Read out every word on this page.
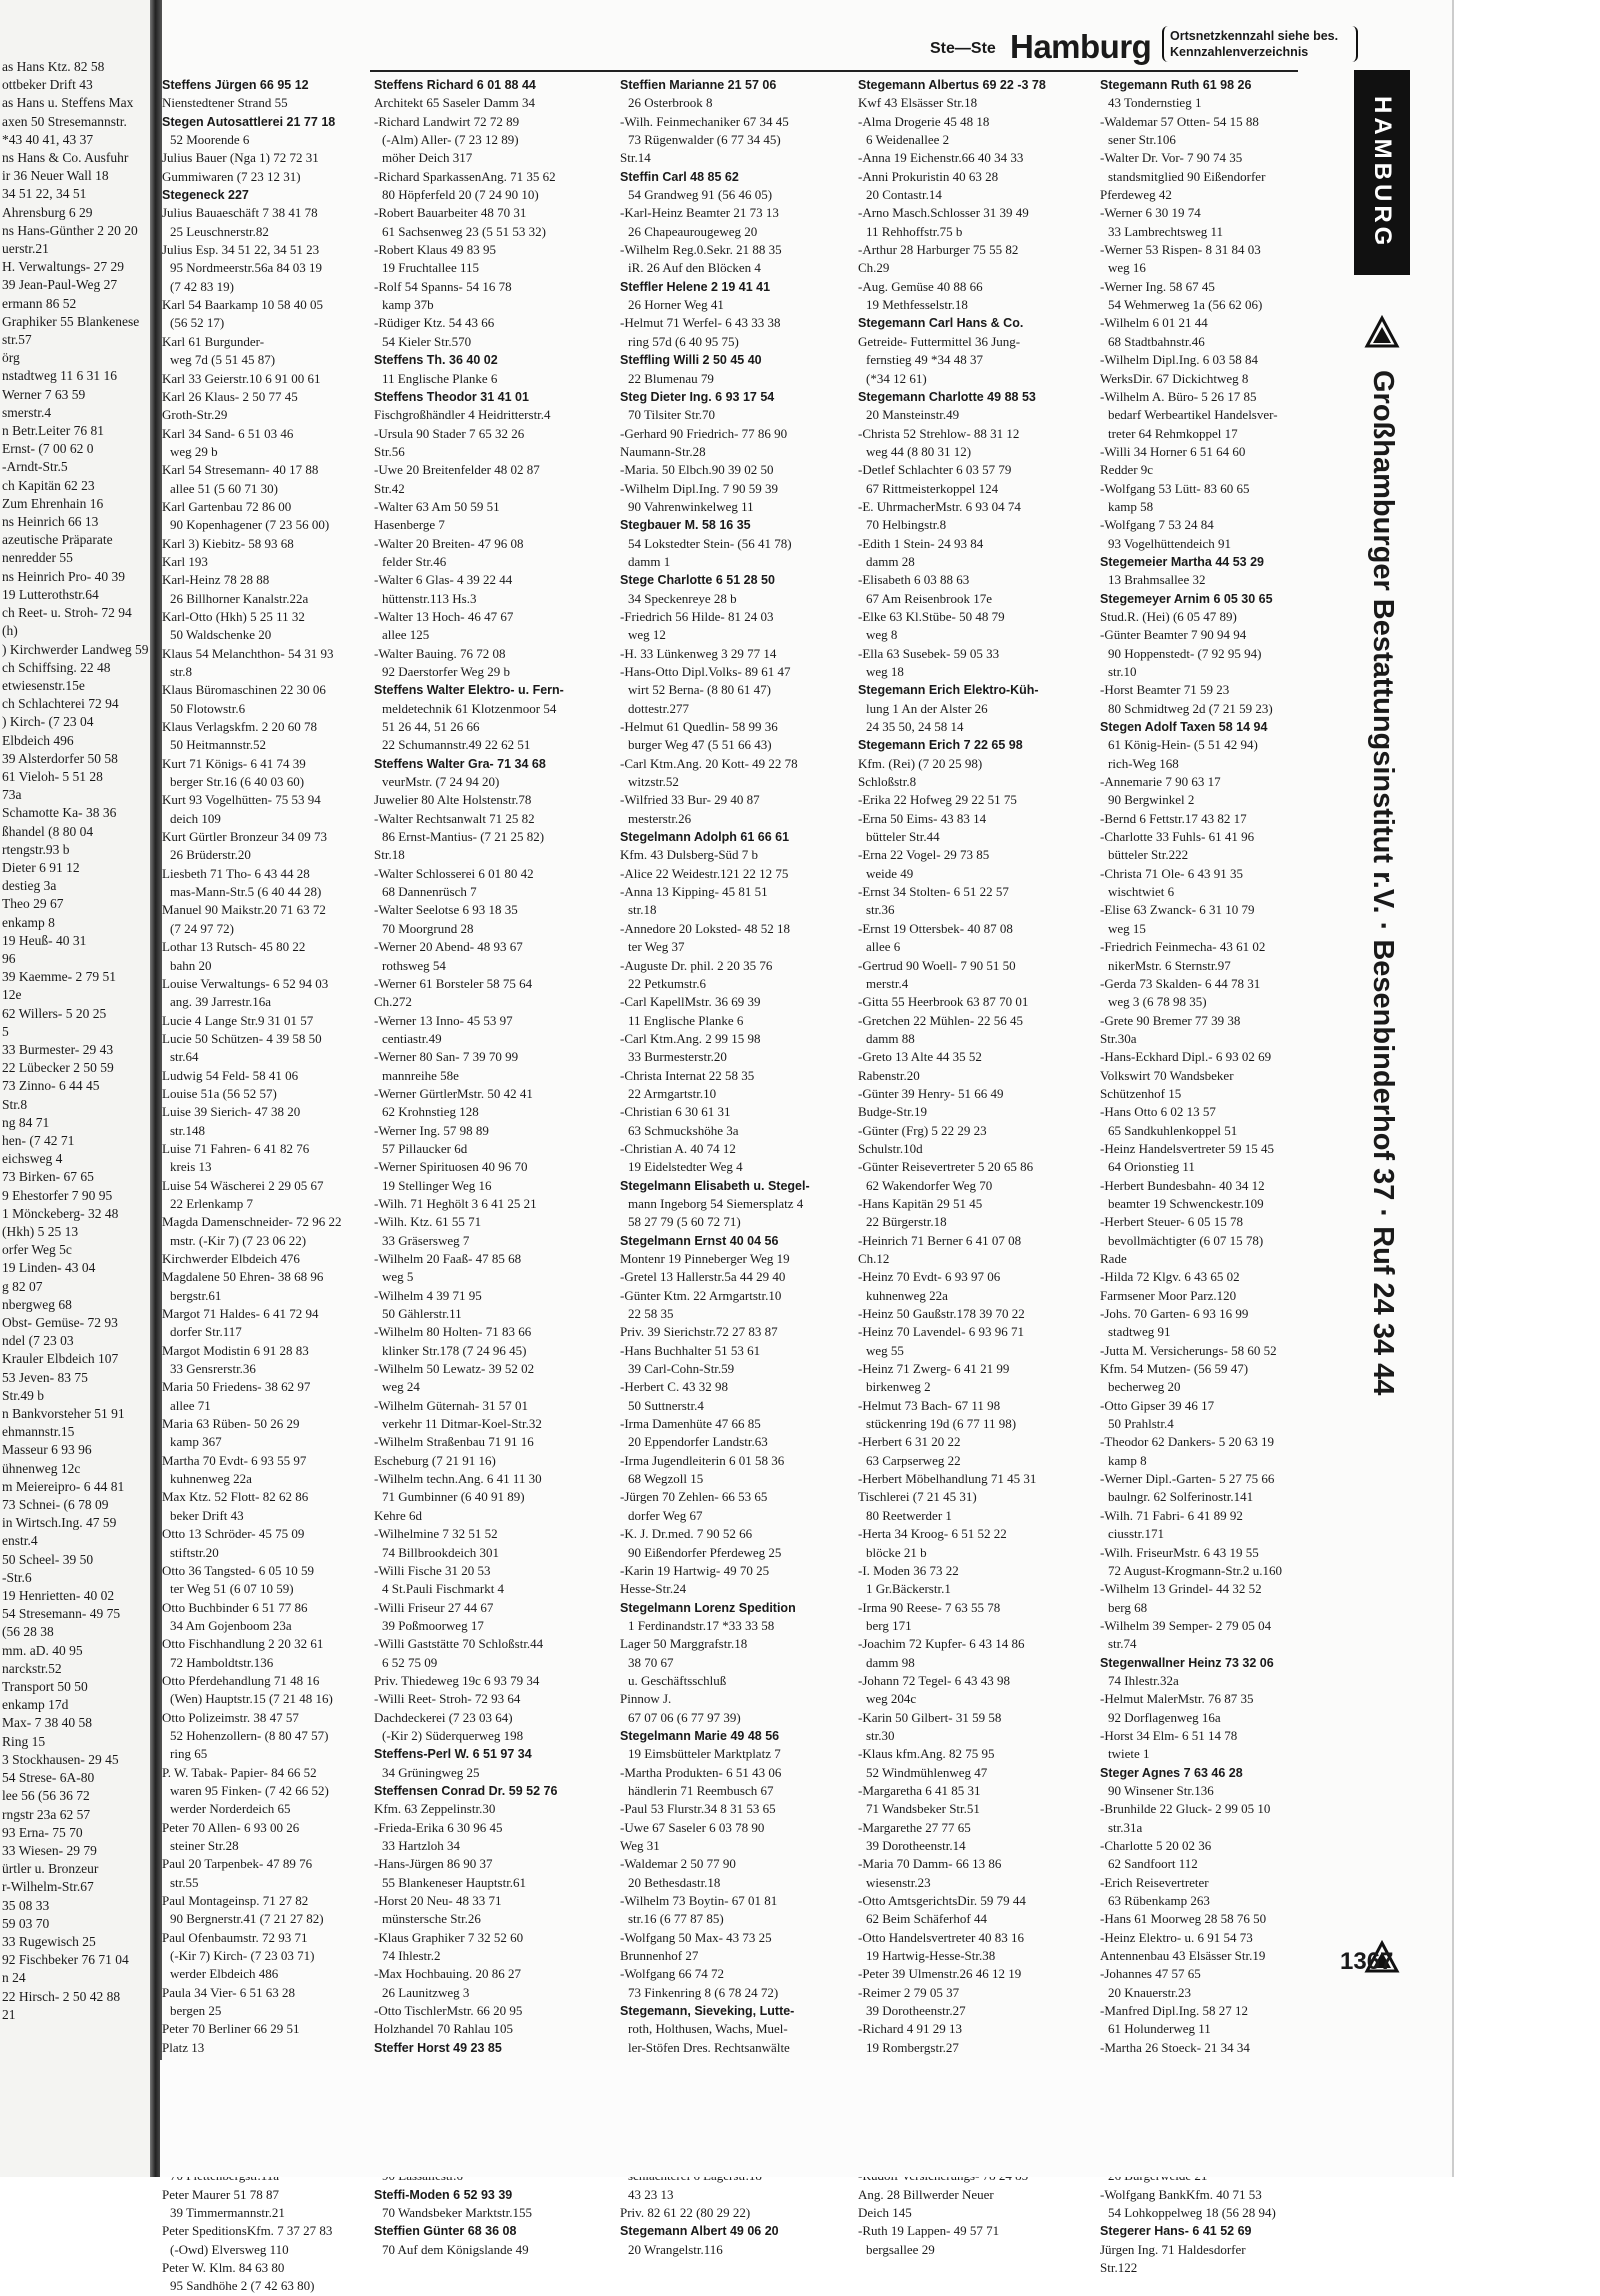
as Hans Ktz. 82 58
ottbeker Drift 43
as Hans u. Steffens Max
axen 50 Stresemannstr.
*43 40 41, 43 37
ns Hans & Co. Ausfuhr
ir 36 Neuer Wall 18
34 51 22, 34 51
Ahrensburg 6 29
ns Hans-Günther 2 20 20
uerstr.21
H. Verwaltungs- 27 29
39 Jean-Paul-Weg 27
ermann 86 52
Graphiker 55 Blankenese
str.57
örg
nstadtweg 11 6 31 16
Werner 7 63 59
smerstr.4
n Betr.Leiter 76 81
Ernst- (7 00 62 0
-Arndt-Str.5
ch Kapitän 62 23
Zum Ehrenhain 16
ns Heinrich 66 13
azeutische Präparate
nenredder 55
ns Heinrich Pro- 40 39
19 Lutterothstr.64
ch Reet- u. Stroh- 72 94
(h)
) Kirchwerder Landweg 59
ch Schiffsing. 22 48
etwiesenstr.15e
ch Schlachterei 72 94
) Kirch- (7 23 04
Elbdeich 496
39 Alsterdorfer 50 58
61 Vieloh- 5 51 28
73a
Schamotte Ka- 38 36
ßhandel (8 80 04
rtengstr.93 b
Dieter 6 91 12
destieg 3a
Theo 29 67
enkamp 8
19 Heuß- 40 31
96
39 Kaemme- 2 79 51
12e
62 Willers- 5 20 25
5
33 Burmester- 29 43
22 Lübecker 2 50 59
73 Zinno- 6 44 45
Str.8
ng 84 71
hen- (7 42 71
eichsweg 4
73 Birken- 67 65
9 Ehestorfer 7 90 95
1 Mönckeberg- 32 48
(Hkh) 5 25 13
orfer Weg 5c
19 Linden- 43 04
g 82 07
nbergweg 68
Obst- Gemüse- 72 93
ndel (7 23 03
Krauler Elbdeich 107
53 Jeven- 83 75
Str.49 b
n Bankvorsteher 51 91
ehmannstr.15
Masseur 6 93 96
ühnenweg 12c
m Meiereipro- 6 44 81
73 Schnei- (6 78 09
in Wirtsch.Ing. 47 59
enstr.4
50 Scheel- 39 50
-Str.6
19 Henrietten- 40 02
54 Stresemann- 49 75
(56 28 38
mm. aD. 40 95
narckstr.52
Transport 50 50
enkamp 17d
Max- 7 38 40 58
Ring 15
3 Stockhausen- 29 45
54 Strese- 6A-80
lee 56 (56 36 72
rngstr 23a 62 57
93 Erna- 75 70
33 Wiesen- 29 79
ürtler u. Bronzeur
r-Wilhelm-Str.67
35 08 33
59 03 70
33 Rugewisch 25
92 Fischbeker 76 71 04
n 24
22 Hirsch- 2 50 42 88
21
Ste—Ste Hamburg	Ortsnetzkennzahl siehe bes. Kennzahlenverzeichnis
Steffens Jürgen 66 95 12
Nienstedtener Strand 55
Stegen Autosattlerei 21 77 18
52 Moorende 6
Julius Bauer (Nga 1) 72 72 31
Gummiwaren (7 23 12 31)
Stegeneck 227
Julius Bauaeschäft 7 38 41 78
25 Leuschnerstr.82
Julius Esp. 34 51 22, 34 51 23
95 Nordmeerstr.56a 84 03 19
(7 42 83 19)
Karl 54 Baarkamp 10 58 40 05
(56 52 17)
Karl 61 Burgunder-
weg 7d (5 51 45 87)
Karl 33 Geierstr.10 6 91 00 61
Karl 26 Klaus- 2 50 77 45
Groth-Str.29
Karl 34 Sand- 6 51 03 46
weg 29 b
Karl 54 Stresemann- 40 17 88
allee 51 (5 60 71 30)
Karl Gartenbau 72 86 00
90 Kopenhagener (7 23 56 00)
Karl 3) Kiebitz- 58 93 68
Karl 193
Karl-Heinz 78 28 88
26 Billhorner Kanalstr.22a
Karl-Otto (Hkh) 5 25 11 32
50 Waldschenke 20
Klaus 54 Melanchthon- 54 31 93
str.8
Klaus Büromaschinen 22 30 06
50 Flotowstr.6
Klaus Verlagskfm. 2 20 60 78
50 Heitmannstr.52
Kurt 71 Königs- 6 41 74 39
berger Str.16 (6 40 03 60)
Kurt 93 Vogelhütten- 75 53 94
deich 109
Kurt Gürtler Bronzeur 34 09 73
26 Brüderstr.20
Liesbeth 71 Tho- 6 43 44 28
mas-Mann-Str.5 (6 40 44 28)
Manuel 90 Maikstr.20 71 63 72
(7 24 97 72)
Lothar 13 Rutsch- 45 80 22
bahn 20
Louise Verwaltungs- 6 52 94 03
ang. 39 Jarrestr.16a
Lucie 4 Lange Str.9 31 01 57
Lucie 50 Schützen- 4 39 58 50
str.64
Ludwig 54 Feld- 58 41 06
Louise 51a (56 52 57)
Luise 39 Sierich- 47 38 20
str.148
Luise 71 Fahren- 6 41 82 76
kreis 13
Luise 54 Wäscherei 2 29 05 67
22 Erlenkamp 7
Magda Damenschneider- 72 96 22
mstr. (-Kir 7) (7 23 06 22)
Kirchwerder Elbdeich 476
Magdalene 50 Ehren- 38 68 96
bergstr.61
Margot 71 Haldes- 6 41 72 94
dorfer Str.117
Margot Modistin 6 91 28 83
33 Gensrerstr.36
Maria 50 Friedens- 38 62 97
allee 71
Maria 63 Rüben- 50 26 29
kamp 367
Martha 70 Evdt- 6 93 55 97
kuhnenweg 22a
Max Ktz. 52 Flott- 82 62 86
beker Drift 43
Otto 13 Schröder- 45 75 09
stiftstr.20
Otto 36 Tangsted- 6 05 10 59
ter Weg 51 (6 07 10 59)
Otto Buchbinder 6 51 77 86
34 Am Gojenboom 23a
Otto Fischhandlung 2 20 32 61
72 Hamboldtstr.136
Otto Pferdehandlung 71 48 16
(Wen) Hauptstr.15 (7 21 48 16)
Otto Polizeimstr. 38 47 57
52 Hohenzollern- (8 80 47 57)
ring 65
P. W. Tabak- Papier- 84 66 52
waren 95 Finken- (7 42 66 52)
werder Norderdeich 65
Peter 70 Allen- 6 93 00 26
steiner Str.28
Paul 20 Tarpenbek- 47 89 76
str.55
Paul Montageinsp. 71 27 82
90 Bergnerstr.41 (7 21 27 82)
Paul Ofenbaumstr. 72 93 71
(-Kir 7) Kirch- (7 23 03 71)
werder Elbdeich 486
Paula 34 Vier- 6 51 63 28
bergen 25
Peter 70 Berliner 66 29 51
Platz 13
Peter Maurer 51 78 87
39 Timmermannstr.21
Peter SpeditionsKfm. 7 37 27 83
(-Owd) Elversweg 110
Peter W. Klm. 84 63 80
95 Sandhöhe 2 (7 42 63 80)
Steffens Richard 6 01 88 44
Architekt 65 Saseler Damm 34
-Richard Landwirt 72 72 89
(-Alm) Aller- (7 23 12 89)
möher Deich 317
-Richard SparkassenAng. 71 35 62
80 Höpferfeld 20 (7 24 90 10)
-Robert Bauarbeiter 48 70 31
61 Sachsenweg 23 (5 51 53 32)
-Robert Klaus 49 83 95
19 Fruchtallee 115
-Rolf 54 Spanns- 54 16 78
kamp 37b
-Rüdiger Ktz. 54 43 66
54 Kieler Str.570
Steffens Th. 36 40 02
11 Englische Planke 6
Steffens Theodor 31 41 01
Fischgroßhändler 4 Heidritterstr.4
-Ursula 90 Stader 7 65 32 26
Str.56
-Uwe 20 Breitenfelder 48 02 87
Str.42
-Walter 63 Am 50 59 51
Hasenberge 7
-Walter 20 Breiten- 47 96 08
felder Str.46
-Walter 6 Glas- 4 39 22 44
hüttenstr.113 Hs.3
-Walter 13 Hoch- 46 47 67
allee 125
-Walter Bauing. 76 72 08
92 Daerstorfer Weg 29 b
Steffens Walter Elektro- u. Fern-
meldetechnik 61 Klotzenmoor 54
51 26 44, 51 26 66
22 Schumannstr.49 22 62 51
Steffens Walter Gra- 71 34 68
veurMstr. (7 24 94 20)
Juwelier 80 Alte Holstenstr.78
-Walter Rechtsanwalt 71 25 82
86 Ernst-Mantius- (7 21 25 82)
Str.18
-Walter Schlosserei 6 01 80 42
68 Dannenrüsch 7
-Walter Seelotse 6 93 18 35
70 Moorgrund 28
-Werner 20 Abend- 48 93 67
rothsweg 54
-Werner 61 Borsteler 58 75 64
Ch.272
-Werner 13 Inno- 45 53 97
centiastr.49
-Werner 80 San- 7 39 70 99
mannreihe 58e
-Werner GürtlerMstr. 50 42 41
62 Krohnstieg 128
-Werner Ing. 57 98 89
57 Pillaucker 6d
-Werner Spirituosen 40 96 70
19 Stellinger Weg 16
-Wilh. 71 Heghölt 3 6 41 25 21
-Wilh. Ktz. 61 55 71
33 Gräsersweg 7
-Wilhelm 20 Faaß- 47 85 68
weg 5
-Wilhelm 4 39 71 95
50 Gählerstr.11
-Wilhelm 80 Holten- 71 83 66
klinker Str.178 (7 24 96 45)
-Wilhelm 50 Lewatz- 39 52 02
weg 24
-Wilhelm Güternah- 31 57 01
verkehr 11 Ditmar-Koel-Str.32
-Wilhelm Straßenbau 71 91 16
Escheburg (7 21 91 16)
-Wilhelm techn.Ang. 6 41 11 30
71 Gumbinner (6 40 91 89)
Kehre 6d
-Wilhelmine 7 32 51 52
74 Billbrookdeich 301
-Willi Fische 31 20 53
4 St.Pauli Fischmarkt 4
-Willi Friseur 27 44 67
39 Poßmoorweg 17
-Willi Gaststätte 70 Schloßstr.44
6 52 75 09
Priv. Thiedeweg 19c 6 93 79 34
-Willi Reet- Stroh- 72 93 64
Dachdeckerei (7 23 03 64)
(-Kir 2) Süderquerweg 198
Steffens-Perl W. 6 51 97 34
34 Grüningweg 25
Steffensen Conrad Dr. 59 52 76
Kfm. 63 Zeppelinstr.30
-Frieda-Erika 6 30 96 45
33 Hartzloh 34
-Hans-Jürgen 86 90 37
55 Blankeneser Hauptstr.61
-Horst 20 Neu- 48 33 71
münstersche Str.26
-Klaus Graphiker 7 32 52 60
74 Ihlestr.2
-Max Hochbauing. 20 86 27
26 Launitzweg 3
-Otto TischlerMstr. 66 20 95
Holzhandel 70 Rahlau 105
Steffer Horst 49 23 85
Steffi-Moden 6 52 93 39
70 Wandsbeker Marktstr.155
Steffien Günter 68 36 08
70 Auf dem Königslande 49
Steffien Marianne 21 57 06
26 Osterbrook 8
-Wilh. Feinmechaniker 67 34 45
73 Rügenwalder (6 77 34 45)
Str.14
Steffin Carl 48 85 62
54 Grandweg 91 (56 46 05)
-Karl-Heinz Beamter 21 73 13
26 Chapeaurougeweg 20
-Wilhelm Reg.0.Sekr. 21 88 35
iR. 26 Auf den Blöcken 4
Steffler Helene 2 19 41 41
26 Horner Weg 41
-Helmut 71 Werfel- 6 43 33 38
ring 57d (6 40 95 75)
Steffling Willi 2 50 45 40
22 Blumenau 79
Steg Dieter Ing. 6 93 17 54
70 Tilsiter Str.70
-Gerhard 90 Friedrich- 77 86 90
Naumann-Str.28
-Maria. 50 Elbch.90 39 02 50
-Wilhelm Dipl.Ing. 7 90 59 39
90 Vahrenwinkelweg 11
Stegbauer M. 58 16 35
54 Lokstedter Stein- (56 41 78)
damm 1
Stege Charlotte 6 51 28 50
34 Speckenreye 28 b
-Friedrich 56 Hilde- 81 24 03
weg 12
-H. 33 Lünkenweg 3 29 77 14
-Hans-Otto Dipl.Volks- 89 61 47
wirt 52 Berna- (8 80 61 47)
dottestr.277
-Helmut 61 Quedlin- 58 99 36
burger Weg 47 (5 51 66 43)
-Carl Ktm.Ang. 20 Kott- 49 22 78
witzstr.52
-Wilfried 33 Bur- 29 40 87
mesterstr.26
Stegelmann Adolph 61 66 61
Kfm. 43 Dulsberg-Süd 7 b
-Alice 22 Weidestr.121 22 12 75
-Anna 13 Kipping- 45 81 51
str.18
-Annedore 20 Loksted- 48 52 18
ter Weg 37
-Auguste Dr. phil. 2 20 35 76
22 Petkumstr.6
-Carl KapellMstr. 36 69 39
11 Englische Planke 6
-Carl Ktm.Ang. 2 99 15 98
33 Burmesterstr.20
-Christa Internat 22 58 35
22 Armgartstr.10
-Christian 6 30 61 31
63 Schmuckshöhe 3a
-Christian A. 40 74 12
19 Eidelstedter Weg 4
Stegelmann Elisabeth u. Stegel-
mann Ingeborg 54 Siemersplatz 4
58 27 79 (5 60 72 71)
Stegelmann Ernst 40 04 56
Montenr 19 Pinneberger Weg 19
-Gretel 13 Hallerstr.5a 44 29 40
-Günter Ktm. 22 Armgartstr.10
22 58 35
Priv. 39 Sierichstr.72 27 83 87
-Hans Buchhalter 51 53 61
39 Carl-Cohn-Str.59
-Herbert C. 43 32 98
50 Suttnerstr.4
-Irma Damenhüte 47 66 85
20 Eppendorfer Landstr.63
-Irma Jugendleiterin 6 01 58 36
68 Wegzoll 15
-Jürgen 70 Zehlen- 66 53 65
dorfer Weg 67
-K. J. Dr.med. 7 90 52 66
90 Eißendorfer Pferdeweg 25
-Karin 19 Hartwig- 49 70 25
Hesse-Str.24
Stegelmann Lorenz Spedition
1 Ferdinandstr.17 *33 33 58
Lager 50 Marggrafstr.18
38 70 67
u. Geschäftsschluß
Pinnow J.
67 07 06 (6 77 97 39)
Stegelmann Marie 49 48 56
19 Eimsbütteler Marktplatz 7
-Martha Produkten- 6 51 43 06
händlerin 71 Reembusch 67
-Paul 53 Flurstr.34 8 31 53 65
-Uwe 67 Saseler 6 03 78 90
Weg 31
-Waldemar 2 50 77 90
20 Bethesdastr.18
-Wilhelm 73 Boytin- 67 01 81
str.16 (6 77 87 85)
-Wolfgang 50 Max- 43 73 25
Brunnenhof 27
-Wolfgang 66 74 72
73 Finkenring 8 (6 78 24 72)
Stegemann, Sieveking, Lutte-
roth, Holthusen, Wachs, Muel-
ler-Stöfen Dres. Rechtsanwälte
43 23 13
Priv. 82 61 22 (80 29 22)
Stegemann Albert 49 06 20
20 Wrangelstr.116
Stegemann Albertus 69 22 -3 78
Kwf 43 Elsässer Str.18
-Alma Drogerie 45 48 18
6 Weidenallee 2
-Anna 19 Eichenstr.66 40 34 33
-Anni Prokuristin 40 63 28
20 Contastr.14
-Arno Masch.Schlosser 31 39 49
11 Rehhoffstr.75 b
-Arthur 28 Harburger 75 55 82
Ch.29
-Aug. Gemüse 40 88 66
19 Methfesselstr.18
Stegemann Carl Hans & Co.
Getreide- Futtermittel 36 Jung-
fernstieg 49 *34 48 37
(*34 12 61)
Stegemann Charlotte 49 88 53
20 Mansteinstr.49
-Christa 52 Strehlow- 88 31 12
weg 44 (8 80 31 12)
-Detlef Schlachter 6 03 57 79
67 Rittmeisterkoppel 124
-E. UhrmacherMstr. 6 93 04 74
70 Helbingstr.8
-Edith 1 Stein- 24 93 84
damm 28
-Elisabeth 6 03 88 63
67 Am Reisenbrook 17e
-Elke 63 Kl.Stübe- 50 48 79
weg 8
-Ella 63 Susebek- 59 05 33
weg 18
Stegemann Erich Elektro-Küh-
lung 1 An der Alster 26
24 35 50, 24 58 14
Stegemann Erich 7 22 65 98
Kfm. (Rei) (7 20 25 98)
Schloßstr.8
-Erika 22 Hofweg 29 22 51 75
-Erna 50 Eims- 43 83 14
bütteler Str.44
-Erna 22 Vogel- 29 73 85
weide 49
-Ernst 34 Stolten- 6 51 22 57
str.36
-Ernst 19 Ottersbek- 40 87 08
allee 6
-Gertrud 90 Woell- 7 90 51 50
merstr.4
-Gitta 55 Heerbrook 63 87 70 01
-Gretchen 22 Mühlen- 22 56 45
damm 88
-Greto 13 Alte 44 35 52
Rabenstr.20
-Günter 39 Henry- 51 66 49
Budge-Str.19
-Günter (Frg) 5 22 29 23
Schulstr.10d
-Günter Reisevertreter 5 20 65 86
62 Wakendorfer Weg 70
-Hans Kapitän 29 51 45
22 Bürgerstr.18
-Heinrich 71 Berner 6 41 07 08
Ch.12
-Heinz 70 Evdt- 6 93 97 06
kuhnenweg 22a
-Heinz 50 Gaußstr.178 39 70 22
-Heinz 70 Lavendel- 6 93 96 71
weg 55
-Heinz 71 Zwerg- 6 41 21 99
birkenweg 2
-Helmut 73 Bach- 67 11 98
stückenring 19d (6 77 11 98)
-Herbert 6 31 20 22
63 Carpserweg 22
-Herbert Möbelhandlung 71 45 31
Tischlerei (7 21 45 31)
80 Reetwerder 1
-Herta 34 Kroog- 6 51 52 22
blöcke 21 b
-I. Moden 36 73 22
1 Gr.Bäckerstr.1
-Irma 90 Reese- 7 63 55 78
berg 171
-Joachim 72 Kupfer- 6 43 14 86
damm 98
-Johann 72 Tegel- 6 43 43 98
weg 204c
-Karin 50 Gilbert- 31 59 58
str.30
-Klaus kfm.Ang. 82 75 95
52 Windmühlenweg 47
-Margaretha 6 41 85 31
71 Wandsbeker Str.51
-Margarethe 27 77 65
39 Dorotheenstr.14
-Maria 70 Damm- 66 13 86
wiesenstr.23
-Otto AmtsgerichtsDir. 59 79 44
62 Beim Schäferhof 44
-Otto Handelsvertreter 40 83 16
19 Hartwig-Hesse-Str.38
-Peter 39 Ulmenstr.26 46 12 19
-Reimer 2 79 05 37
39 Dorotheenstr.27
-Richard 4 91 29 13
19 Rombergstr.27
Ang. 28 Billwerder Neuer
Deich 145
-Ruth 19 Lappen- 49 57 71
bergsallee 29
Stegemann Ruth 61 98 26
43 Tondernstieg 1
-Waldemar 57 Otten- 54 15 88
sener Str.106
-Walter Dr. Vor- 7 90 74 35
standsmitglied 90 Eißendorfer
Pferdeweg 42
-Werner 6 30 19 74
33 Lambrechtsweg 11
-Werner 53 Rispen- 8 31 84 03
weg 16
-Werner Ing. 58 67 45
54 Wehmerweg 1a (56 62 06)
-Wilhelm 6 01 21 44
68 Stadtbahnstr.46
-Wilhelm Dipl.Ing. 6 03 58 84
WerksDir. 67 Dickichtweg 8
-Wilhelm A. Büro- 5 26 17 85
bedarf Werbeartikel Handelsver-
treter 64 Rehmkoppel 17
-Willi 34 Horner 6 51 64 60
Redder 9c
-Wolfgang 53 Lütt- 83 60 65
kamp 58
-Wolfgang 7 53 24 84
93 Vogelhüttendeich 91
Stegemeier Martha 44 53 29
13 Brahmsallee 32
Stegemeyer Arnim 6 05 30 65
Stud.R. (Hei) (6 05 47 89)
-Günter Beamter 7 90 94 94
90 Hoppenstedt- (7 92 95 94)
str.10
-Horst Beamter 71 59 23
80 Schmidtweg 2d (7 21 59 23)
Stegen Adolf Taxen 58 14 94
61 König-Hein- (5 51 42 94)
rich-Weg 168
-Annemarie 7 90 63 17
90 Bergwinkel 2
-Bernd 6 Fettstr.17 43 82 17
-Charlotte 33 Fuhls- 61 41 96
bütteler Str.222
-Christa 71 Ole- 6 43 91 35
wischtwiet 6
-Elise 63 Zwanck- 6 31 10 79
weg 15
-Friedrich Feinmecha- 43 61 02
nikerMstr. 6 Sternstr.97
-Gerda 73 Skalden- 6 44 78 31
weg 3 (6 78 98 35)
-Grete 90 Bremer 77 39 38
Str.30a
-Hans-Eckhard Dipl.- 6 93 02 69
Volkswirt 70 Wandsbeker
Schützenhof 15
-Hans Otto 6 02 13 57
65 Sandkuhlenkoppel 51
-Heinz Handelsvertreter 59 15 45
64 Orionstieg 11
-Herbert Bundesbahn- 40 34 12
beamter 19 Schwenckestr.109
-Herbert Steuer- 6 05 15 78
bevollmächtigter (6 07 15 78)
Rade
-Hilda 72 Klgv. 6 43 65 02
Farmsener Moor Parz.120
-Johs. 70 Garten- 6 93 16 99
stadtweg 91
-Jutta M. Versicherungs- 58 60 52
Kfm. 54 Mutzen- (56 59 47)
becherweg 20
-Otto Gipser 39 46 17
50 Prahlstr.4
-Theodor 62 Dankers- 5 20 63 19
kamp 8
-Werner Dipl.-Garten- 5 27 75 66
baulngr. 62 Solferinostr.141
-Wilh. 71 Fabri- 6 41 89 92
ciusstr.171
-Wilh. FriseurMstr. 6 43 19 55
72 August-Krogmann-Str.2 u.160
-Wilhelm 13 Grindel- 44 32 52
berg 68
-Wilhelm 39 Semper- 2 79 05 04
str.74
Stegenwallner Heinz 73 32 06
74 Ihlestr.32a
-Helmut MalerMstr. 76 87 35
92 Dorflagenweg 16a
-Horst 34 Elm- 6 51 14 78
twiete 1
Steger Agnes 7 63 46 28
90 Winsener Str.136
-Brunhilde 22 Gluck- 2 99 05 10
str.31a
-Charlotte 5 20 02 36
62 Sandfoort 112
-Erich Reisevertreter
63 Rübenkamp 263
-Hans 61 Moorweg 28 58 76 50
-Heinz Elektro- u. 6 91 54 73
Antennenbau 43 Elsässer Str.19
-Johannes 47 57 65
20 Knauerstr.23
-Manfred Dipl.Ing. 58 27 12
61 Holunderweg 11
-Martha 26 Stoeck- 21 34 34
-Wolfgang BankKfm. 40 71 53
54 Lohkoppelweg 18 (56 28 94)
Stegerer Hans- 6 41 52 69
Jürgen Ing. 71 Haldesdorfer
Str.122
HAMBURG
Großhamburger Bestattungsinstitut r.V. · Besenbinderhof 37 · Ruf 24 34 44
1367
